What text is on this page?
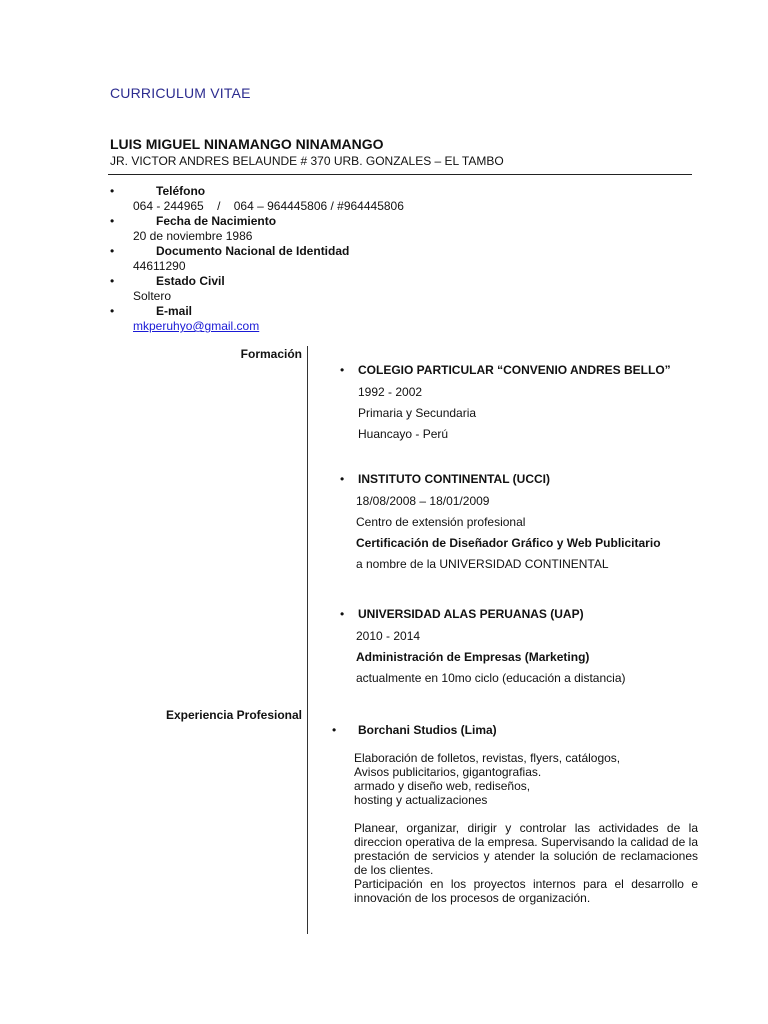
CURRICULUM VITAE
LUIS MIGUEL NINAMANGO NINAMANGO
JR. VICTOR ANDRES BELAUNDE # 370 URB. GONZALES – EL TAMBO
•	Teléfono
064 - 244965    /    064 – 964445806 / #964445806
•	Fecha de Nacimiento
20 de noviembre 1986
•	Documento Nacional de Identidad
44611290
•	Estado Civil
Soltero
•	E-mail
mkperuhyo@gmail.com
Formación
• COLEGIO PARTICULAR “CONVENIO ANDRES BELLO”
1992 - 2002
Primaria y Secundaria
Huancayo - Perú
• INSTITUTO CONTINENTAL (UCCI)
18/08/2008 – 18/01/2009
Centro de extensión profesional
Certificación de Diseñador Gráfico y Web Publicitario
a nombre de la UNIVERSIDAD CONTINENTAL
• UNIVERSIDAD ALAS PERUANAS (UAP)
2010 - 2014
Administración de Empresas (Marketing)
actualmente en 10mo ciclo (educación a distancia)
Experiencia Profesional
• Borchani Studios (Lima)
Elaboración de folletos, revistas, flyers, catálogos,
Avisos publicitarios, gigantografias.
armado y diseño web, rediseños,
hosting y actualizaciones
Planear, organizar, dirigir y controlar las actividades de la direccion operativa de la empresa. Supervisando la calidad de la prestación de servicios y atender la solución de reclamaciones de los clientes.
Participación en los proyectos internos para el desarrollo e innovación de los procesos de organización.
